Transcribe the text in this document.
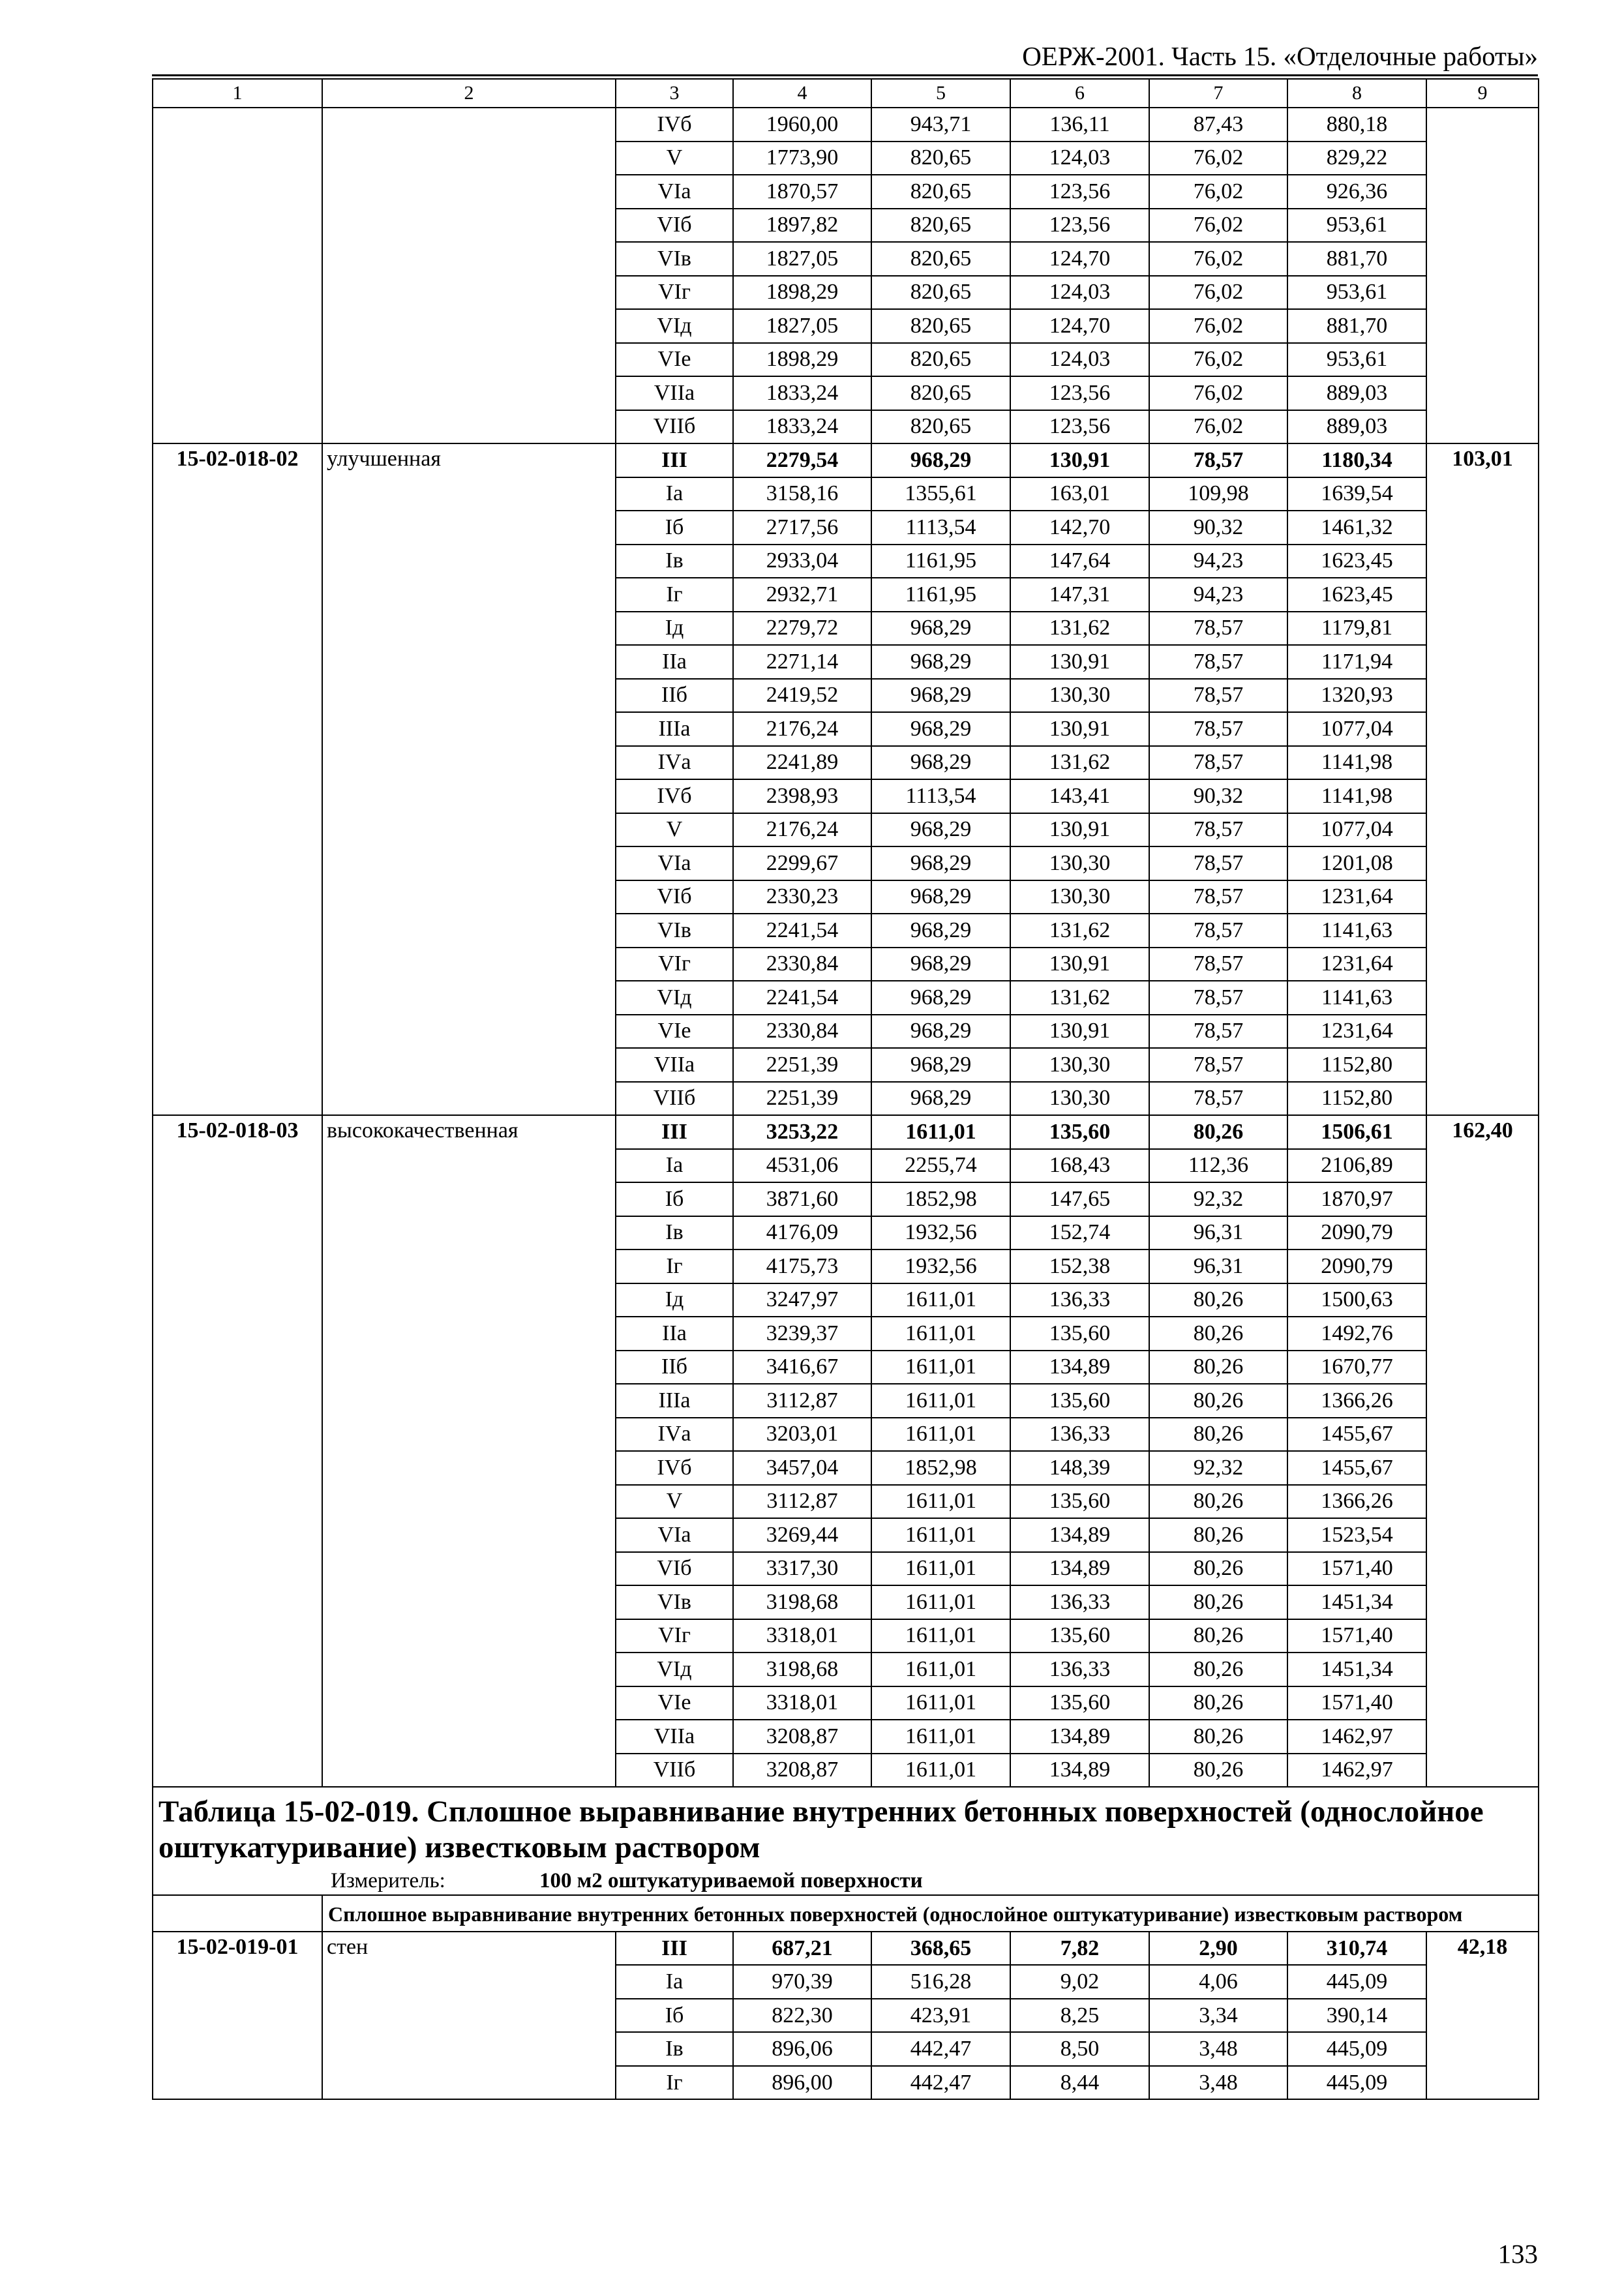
ОЕРЖ-2001. Часть 15. «Отделочные работы»
1	2	3	4	5	6	7	8	9
		IVб	1960,00	943,71	136,11	87,43	880,18	
		V	1773,90	820,65	124,03	76,02	829,22	
		VIа	1870,57	820,65	123,56	76,02	926,36	
		VIб	1897,82	820,65	123,56	76,02	953,61	
		VIв	1827,05	820,65	124,70	76,02	881,70	
		VIг	1898,29	820,65	124,03	76,02	953,61	
		VIд	1827,05	820,65	124,70	76,02	881,70	
		VIе	1898,29	820,65	124,03	76,02	953,61	
		VIIа	1833,24	820,65	123,56	76,02	889,03	
		VIIб	1833,24	820,65	123,56	76,02	889,03	
15-02-018-02	улучшенная	III	2279,54	968,29	130,91	78,57	1180,34	103,01
		Iа	3158,16	1355,61	163,01	109,98	1639,54	
		Iб	2717,56	1113,54	142,70	90,32	1461,32	
		Iв	2933,04	1161,95	147,64	94,23	1623,45	
		Iг	2932,71	1161,95	147,31	94,23	1623,45	
		Iд	2279,72	968,29	131,62	78,57	1179,81	
		IIа	2271,14	968,29	130,91	78,57	1171,94	
		IIб	2419,52	968,29	130,30	78,57	1320,93	
		IIIа	2176,24	968,29	130,91	78,57	1077,04	
		IVа	2241,89	968,29	131,62	78,57	1141,98	
		IVб	2398,93	1113,54	143,41	90,32	1141,98	
		V	2176,24	968,29	130,91	78,57	1077,04	
		VIа	2299,67	968,29	130,30	78,57	1201,08	
		VIб	2330,23	968,29	130,30	78,57	1231,64	
		VIв	2241,54	968,29	131,62	78,57	1141,63	
		VIг	2330,84	968,29	130,91	78,57	1231,64	
		VIд	2241,54	968,29	131,62	78,57	1141,63	
		VIе	2330,84	968,29	130,91	78,57	1231,64	
		VIIа	2251,39	968,29	130,30	78,57	1152,80	
		VIIб	2251,39	968,29	130,30	78,57	1152,80	
15-02-018-03	высококачественная	III	3253,22	1611,01	135,60	80,26	1506,61	162,40
		Iа	4531,06	2255,74	168,43	112,36	2106,89	
		Iб	3871,60	1852,98	147,65	92,32	1870,97	
		Iв	4176,09	1932,56	152,74	96,31	2090,79	
		Iг	4175,73	1932,56	152,38	96,31	2090,79	
		Iд	3247,97	1611,01	136,33	80,26	1500,63	
		IIа	3239,37	1611,01	135,60	80,26	1492,76	
		IIб	3416,67	1611,01	134,89	80,26	1670,77	
		IIIа	3112,87	1611,01	135,60	80,26	1366,26	
		IVа	3203,01	1611,01	136,33	80,26	1455,67	
		IVб	3457,04	1852,98	148,39	92,32	1455,67	
		V	3112,87	1611,01	135,60	80,26	1366,26	
		VIа	3269,44	1611,01	134,89	80,26	1523,54	
		VIб	3317,30	1611,01	134,89	80,26	1571,40	
		VIв	3198,68	1611,01	136,33	80,26	1451,34	
		VIг	3318,01	1611,01	135,60	80,26	1571,40	
		VIд	3198,68	1611,01	136,33	80,26	1451,34	
		VIе	3318,01	1611,01	135,60	80,26	1571,40	
		VIIа	3208,87	1611,01	134,89	80,26	1462,97	
		VIIб	3208,87	1611,01	134,89	80,26	1462,97	

Таблица 15-02-019. Сплошное выравнивание внутренних бетонных поверхностей (однослойное оштукатуривание) известковым раствором
Измеритель: 100 м2 оштукатуриваемой поверхности								

	Сплошное выравнивание внутренних бетонных поверхностей (однослойное оштукатуривание) известковым раствором							
15-02-019-01	стен	III	687,21	368,65	7,82	2,90	310,74	42,18
		Iа	970,39	516,28	9,02	4,06	445,09	
		Iб	822,30	423,91	8,25	3,34	390,14	
		Iв	896,06	442,47	8,50	3,48	445,09	
		Iг	896,00	442,47	8,44	3,48	445,09	
133
